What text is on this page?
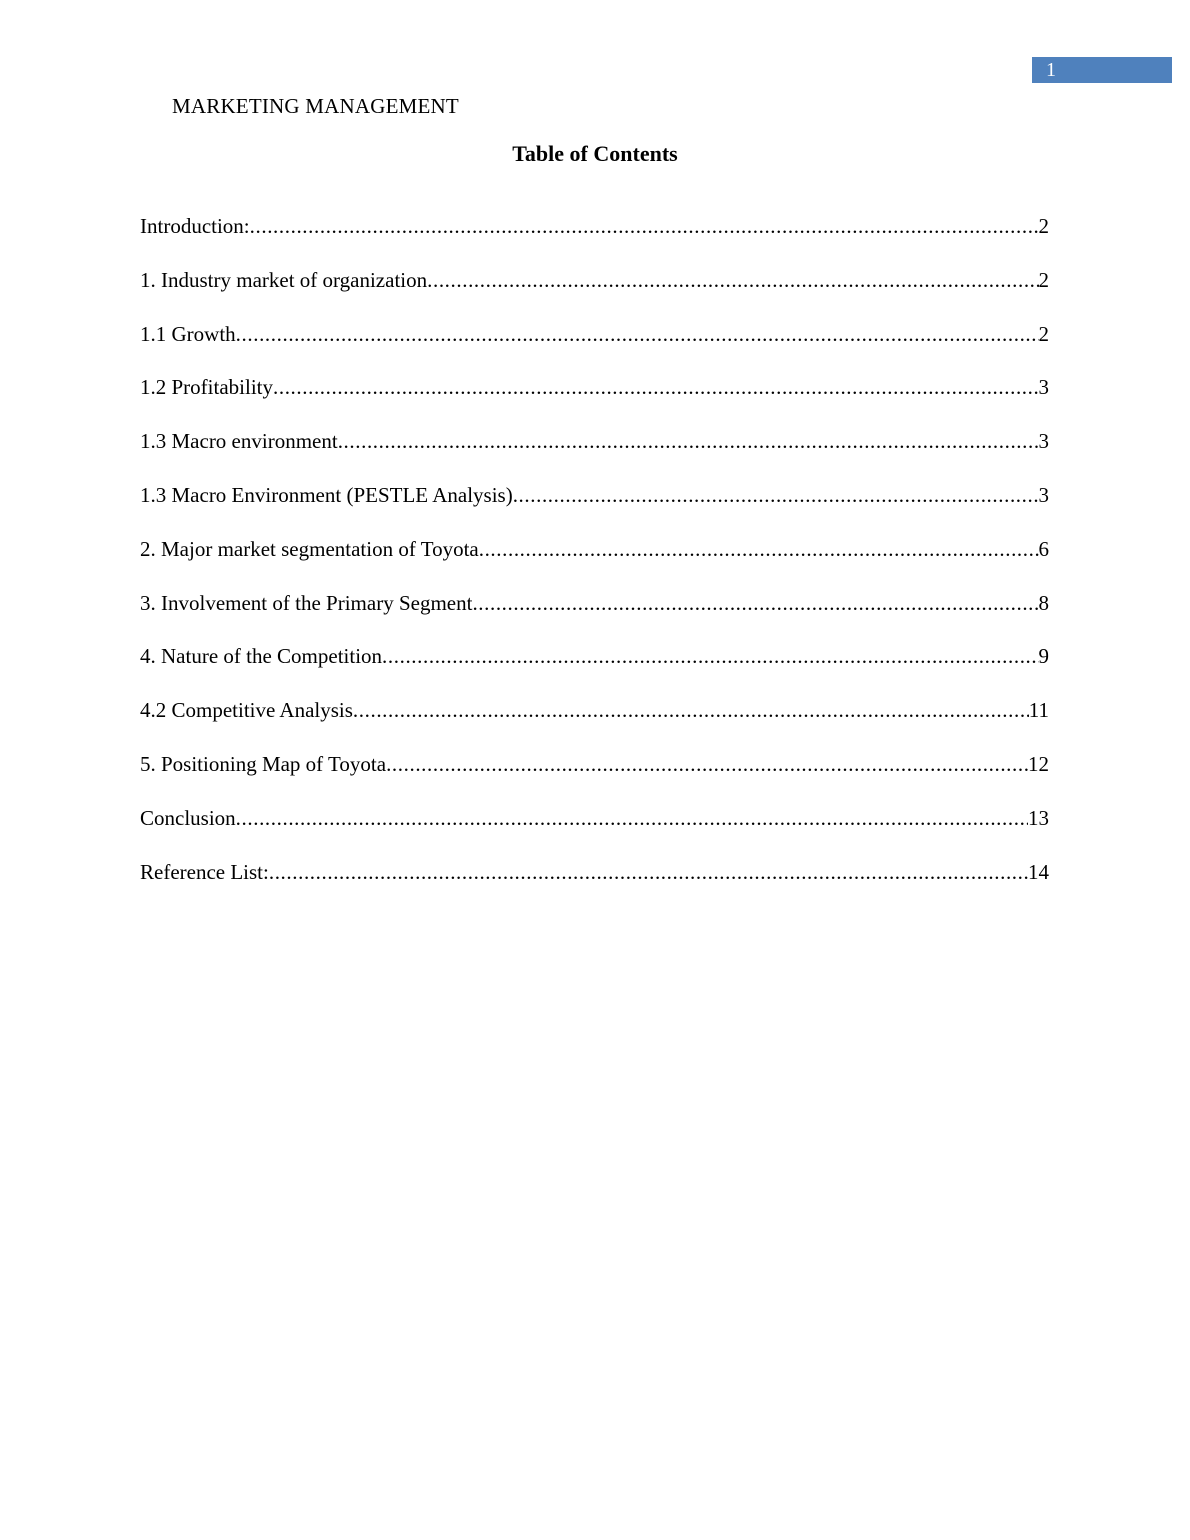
1
MARKETING MANAGEMENT
Table of Contents
Introduction: .....	2
1. Industry market of organization .....	2
1.1 Growth .....	2
1.2 Profitability .....	3
1.3 Macro environment .....	3
1.3 Macro Environment (PESTLE Analysis) .....	3
2. Major market segmentation of Toyota .....	6
3. Involvement of the Primary Segment .....	8
4. Nature of the Competition .....	9
4.2 Competitive Analysis .....	11
5. Positioning Map of Toyota .....	12
Conclusion .....	13
Reference List: .....	14
